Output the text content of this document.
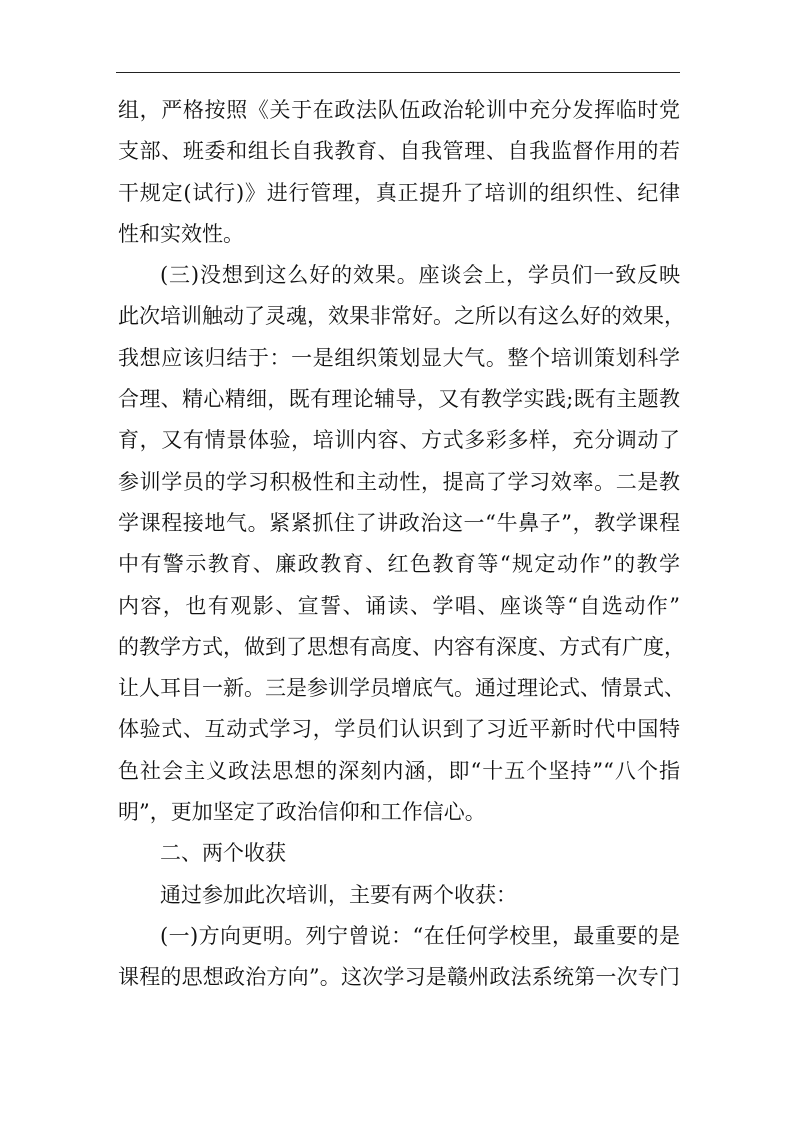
组，严格按照《关于在政法队伍政治轮训中充分发挥临时党
支部、班委和组长自我教育、自我管理、自我监督作用的若
干规定(试行)》进行管理，真正提升了培训的组织性、纪律
性和实效性。
(三)没想到这么好的效果。座谈会上，学员们一致反映
此次培训触动了灵魂，效果非常好。之所以有这么好的效果，
我想应该归结于：一是组织策划显大气。整个培训策划科学
合理、精心精细，既有理论辅导，又有教学实践;既有主题教
育，又有情景体验，培训内容、方式多彩多样，充分调动了
参训学员的学习积极性和主动性，提高了学习效率。二是教
学课程接地气。紧紧抓住了讲政治这一“牛鼻子”，教学课程
中有警示教育、廉政教育、红色教育等“规定动作”的教学
内容，也有观影、宣誓、诵读、学唱、座谈等“自选动作”
的教学方式，做到了思想有高度、内容有深度、方式有广度，
让人耳目一新。三是参训学员增底气。通过理论式、情景式、
体验式、互动式学习，学员们认识到了习近平新时代中国特
色社会主义政法思想的深刻内涵，即“十五个坚持”“八个指
明”，更加坚定了政治信仰和工作信心。
二、两个收获
通过参加此次培训，主要有两个收获：
(一)方向更明。列宁曾说：“在任何学校里，最重要的是
课程的思想政治方向”。这次学习是赣州政法系统第一次专门
